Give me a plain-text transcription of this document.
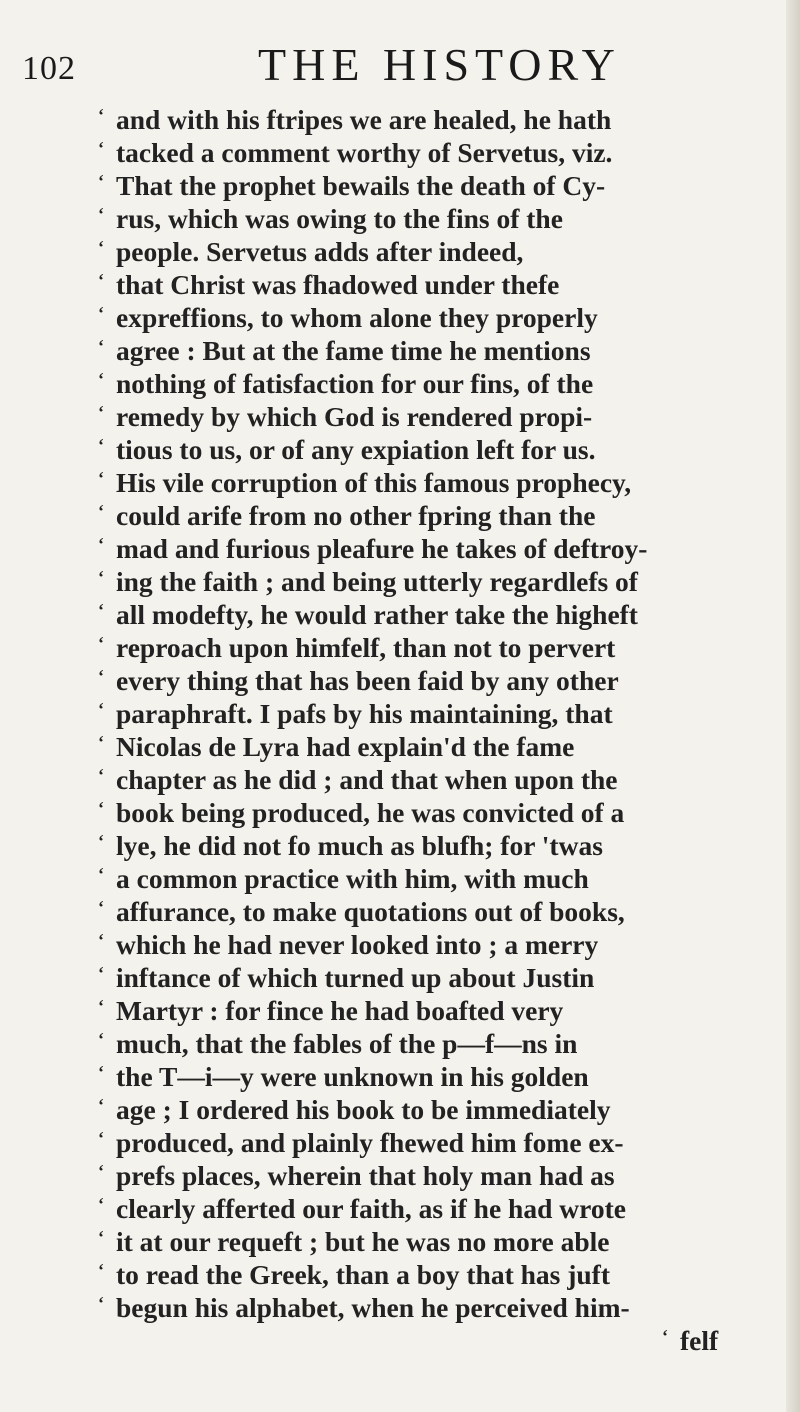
102	THE HISTORY
‘ and with his ftripes we are healed, he hath
‘ tacked a comment worthy of Servetus, viz.
‘ That the prophet bewails the death of Cy-
‘ rus, which was owing to the fins of the
‘ people. Servetus adds after indeed,
‘ that Christ was fhadowed under thefe
‘ expreffions, to whom alone they properly
‘ agree : But at the fame time he mentions
‘ nothing of fatisfaction for our fins, of the
‘ remedy by which God is rendered propi-
‘ tious to us, or of any expiation left for us.
‘ His vile corruption of this famous prophecy,
‘ could arife from no other fpring than the
‘ mad and furious pleafure he takes of deftroy-
‘ ing the faith ; and being utterly regardlefs of
‘ all modefty, he would rather take the higheft
‘ reproach upon himfelf, than not to pervert
‘ every thing that has been faid by any other
‘ paraphraft. I pafs by his maintaining, that
‘ Nicolas de Lyra had explain'd the fame
‘ chapter as he did ; and that when upon the
‘ book being produced, he was convicted of a
‘ lye, he did not fo much as blufh; for 'twas
‘ a common practice with him, with much
‘ affurance, to make quotations out of books,
‘ which he had never looked into ; a merry
‘ inftance of which turned up about Justin
‘ Martyr : for fince he had boafted very
‘ much, that the fables of the p—f—ns in
‘ the T—i—y were unknown in his golden
‘ age ; I ordered his book to be immediately
‘ produced, and plainly fhewed him fome ex-
‘ prefs places, wherein that holy man had as
‘ clearly afferted our faith, as if he had wrote
‘ it at our requeft ; but he was no more able
‘ to read the Greek, than a boy that has juft
‘ begun his alphabet, when he perceived him-
‘ felf
